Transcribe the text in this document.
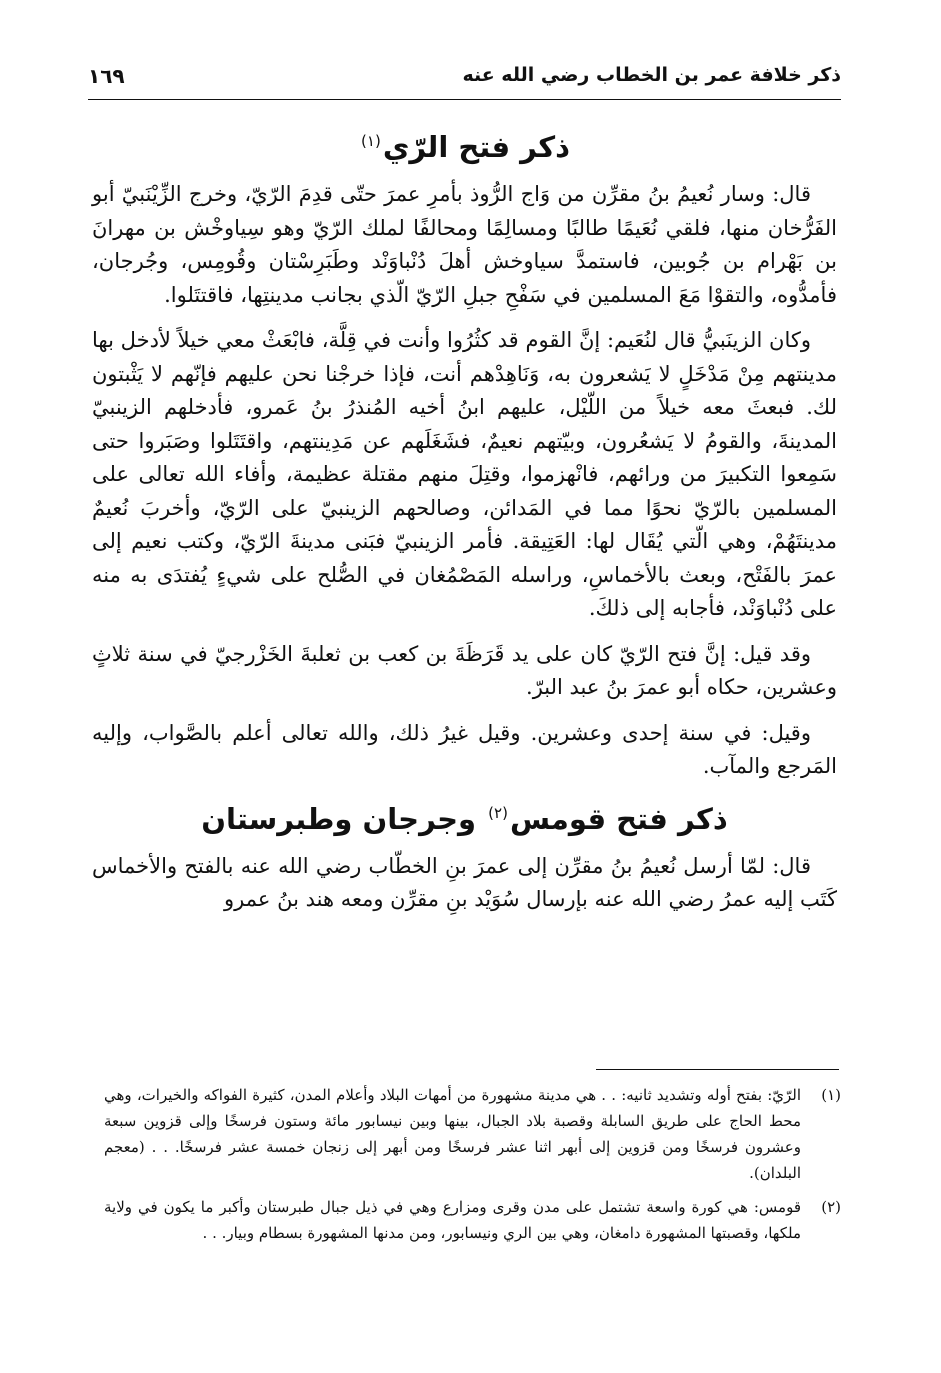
ذكر خلافة عمر بن الخطاب رضي الله عنه
١٦٩
ذكر فتح الرّي$^{(١)}$

قال: وسار نُعيمُ بنُ مقرِّن من وَاج الرُّوذ بأمرِ عمرَ حتّى قدِمَ الرّيّ، وخرج الزِّيْنَبيّ أبو الفَرُّخان منها، فلقي نُعَيمًا طالبًا ومسالِمًا ومحالفًا لملك الرّيّ وهو سِياوخْش بن مهرانَ بن بَهْرام بن جُوبين، فاستمدَّ سياوخش أهلَ دُنْباوَنْد وطَبَرِسْتان وقُومِس، وجُرجان، فأمدُّوه، والتقوْا مَعَ المسلمين في سَفْحِ جبلِ الرّيّ الّذي بجانب مدينتِها، فاقتتَلوا.

وكان الزينَبيُّ قال لنُعَيم: إنَّ القوم قد كثُرُوا وأنت في قِلَّة، فابْعَثْ معي خيلاً لأدخل بها مدينتهم مِنْ مَدْخَلٍ لا يَشعرون به، وَنَاهِدْهم أنت، فإذا خرجْنا نحن عليهم فإنّهم لا يَثْبتون لك. فبعثَ معه خيلاً من اللّيْل، عليهم ابنُ أخيه المُنذرُ بنُ عَمرو، فأدخلهم الزينبيّ المدينةَ، والقومُ لا يَشعُرون، وبيّتهم نعيمٌ، فشَغَلَهم عن مَدِينتهم، واقتَتَلوا وصَبَروا حتى سَمِعوا التكبيرَ من ورائهم، فانْهزموا، وقتِلَ منهم مقتلة عظيمة، وأفاء الله تعالى على المسلمين بالرّيّ نحوًا مما في المَدائن، وصالحهم الزينبيّ على الرّيّ، وأخربَ نُعيمٌ مدينتَهُمْ، وهي الّتي يُقَال لها: العَتِيقة. فأمر الزينبيّ فبَنى مدينةَ الرّيّ، وكتب نعيم إلى عمرَ بالفَتْح، وبعث بالأخماسِ، وراسله المَصْمُغان في الصُّلح على شيءٍ يُفتدَى به منه على دُنْباوَنْد، فأجابه إلى ذلكَ.

وقد قيل: إنَّ فتح الرّيّ كان على يد قَرَظَةَ بن كعب بن ثعلبةَ الخَزْرجيّ في سنة ثلاثٍ وعشرين، حكاه أبو عمرَ بنُ عبد البرّ.

وقيل: في سنة إحدى وعشرين. وقيل غيرُ ذلك، والله تعالى أعلم بالصَّواب، وإليه المَرجع والمآب.

ذكر فتح قومس$^{(٢)}$ وجرجان وطبرستان

قال: لمّا أرسل نُعيمُ بنُ مقرِّن إلى عمرَ بنِ الخطّاب رضي الله عنه بالفتح والأخماس كَتَب إليه عمرُ رضي الله عنه بإرسال سُوَيْد بنِ مقرِّن ومعه هند بنُ عمرو

(١)
الرّيّ: بفتح أوله وتشديد ثانيه: . . هي مدينة مشهورة من أمهات البلاد وأعلام المدن، كثيرة الفواكه والخيرات، وهي محط الحاج على طريق السابلة وقصبة بلاد الجبال، بينها وبين نيسابور مائة وستون فرسخًا وإلى قزوين سبعة وعشرون فرسخًا ومن قزوين إلى أبهر اثنا عشر فرسخًا ومن أبهر إلى زنجان خمسة عشر فرسخًا. . . (معجم البلدان).
(٢)
قومس: هي كورة واسعة تشتمل على مدن وقرى ومزارع وهي في ذيل جبال طبرستان وأكبر ما يكون في ولاية ملكها، وقصبتها المشهورة دامغان، وهي بين الري ونيسابور، ومن مدنها المشهورة بسطام وبيار. . .
